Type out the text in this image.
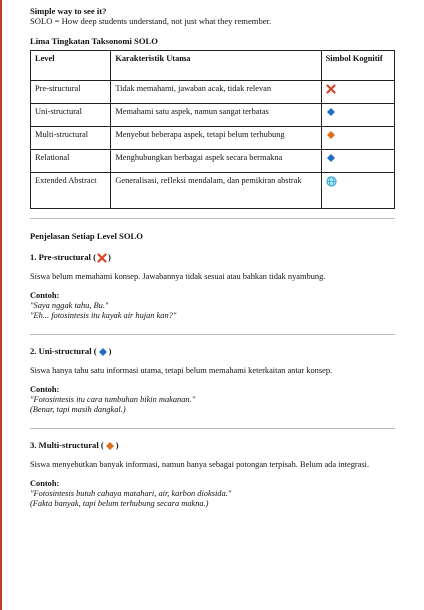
Simple way to see it?
SOLO = How deep students understand, not just what they remember.
Lima Tingkatan Taksonomi SOLO
Level	Karakteristik Utama	Simbol Kognitif
Pre-structural	Tidak memahami, jawaban acak, tidak relevan	
Uni-structural	Memahami satu aspek, namun sangat terbatas	
Multi-structural	Menyebut beberapa aspek, tetapi belum terhubung	
Relational	Menghubungkan berbagai aspek secara bermakna	
Extended Abstract	Generalisasi, refleksi mendalam, dan pemikiran abstrak	
Penjelasan Setiap Level SOLO
1. Pre-structural ( )
Siswa belum memahami konsep. Jawabannya tidak sesuai atau bahkan tidak nyambung.
Contoh:
"Saya nggak tahu, Bu."
"Eh... fotosintesis itu kayak air hujan kan?"
2. Uni-structural ( )
Siswa hanya tahu satu informasi utama, tetapi belum memahami keterkaitan antar konsep.
Contoh:
"Fotosintesis itu cara tumbuhan bikin makanan."
(Benar, tapi masih dangkal.)
3. Multi-structural ( )
Siswa menyebutkan banyak informasi, namun hanya sebagai potongan terpisah. Belum ada integrasi.
Contoh:
"Fotosintesis butuh cahaya matahari, air, karbon dioksida."
(Fakta banyak, tapi belum terhubung secara makna.)
